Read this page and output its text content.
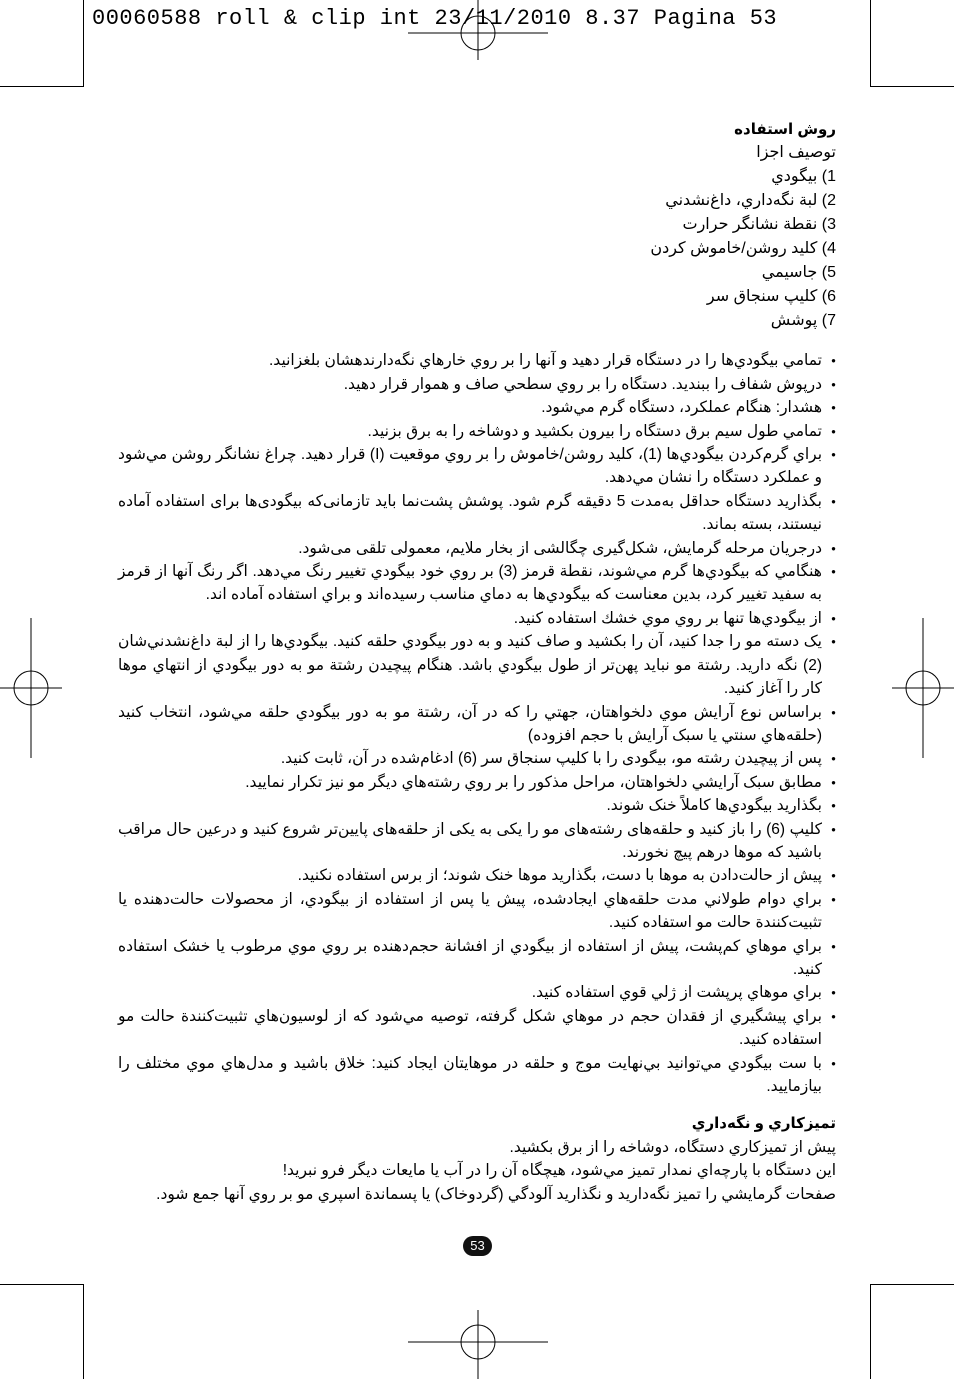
00060588 roll & clip int 23/11/2010 8.37 Pagina 53
روش استفاده
توصيف اجزا
1) بيگودي
2) لبة نگه‌داري، داغ‌نشدني
3) نقطة نشانگر حرارت
4) كليد روشن/خاموش كردن
5) جاسيمي
6) كليپ سنجاق سر
7) پوشش
● تمامي بيگودي‌ها را در دستگاه قرار دهيد و آنها را بر روي خارهاي نگه‌دارندهشان بلغزانيد.
● درپوش شفاف را ببنديد. دستگاه را بر روي سطحي صاف و هموار قرار دهيد.
● هشدار: هنگام عملكرد، دستگاه گرم مي‌شود.
● تمامي طول سيم برق دستگاه را بيرون بكشيد و دوشاخه را به برق بزنيد.
● براي گرم‌كردن بيگودي‌ها (1)، كليد روشن/خاموش را بر روي موقعيت (I) قرار دهيد. چراغ نشانگر روشن مي‌شود و عملكرد دستگاه را نشان مي‌دهد.
● بگذاريد دستگاه حداقل به‌مدت 5 دقيقه گرم شود. پوشش پشت‌نما بايد تازمانی‌كه بيگودی‌ها برای استفاده آماده نيستند، بسته بماند.
● درجريان مرحله گرمايش، شكل‌گيری چگالشی از بخار ملايم، معمولی تلقی می‌شود.
● هنگامي كه بيگودي‌ها گرم مي‌شوند، نقطة قرمز (3) بر روي خود بيگودي تغيير رنگ مي‌دهد. اگر رنگ آنها از قرمز به سفيد تغيير كرد، بدين معناست كه بيگودي‌ها به دماي مناسب رسيده‌اند و براي استفاده آماده اند.
● از بيگودي‌ها تنها بر روي موي خشك استفاده كنيد.
● يک دسته مو را جدا كنيد، آن را بكشيد و صاف كنيد و به دور بيگودي حلقه كنيد. بيگودي‌ها را از لبة داغ‌نشدني‌شان (2) نگه داريد. رشتة مو نبايد پهن‌تر از طول بيگودي باشد. هنگام پيچيدن رشتة مو به دور بيگودي از انتهاي موها كار را آغاز كنيد.
● براساس نوع آرايش موي دلخواهتان، جهتي را كه در آن، رشتة مو به دور بيگودي حلقه مي‌شود، انتخاب كنيد (حلقه‌هاي سنتي يا سبک آرايش با حجم افزوده)
● پس از پيچيدن رشته مو، بيگودی را با كليپ سنجاق سر (6) ادغام‌شده در آن، ثابت كنيد.
● مطابق سبک آرايشي دلخواهتان، مراحل مذكور را بر روي رشته‌هاي ديگر مو نيز تكرار نماييد.
● بگذاريد بيگودي‌ها كاملاً خنک شوند.
● كليپ (6) را باز كنيد و حلقه‌های رشته‌های مو را يكی به يكی از حلقه‌های پايين‌تر شروع كنيد و درعين حال مراقب باشيد كه موها درهم پيچ نخورند.
● پيش از حالت‌دادن به موها با دست، بگذاريد موها خنک شوند؛ از برس استفاده نكنيد.
● براي دوام طولاني مدت حلقه‌هاي ايجادشده، پيش يا پس از استفاده از بيگودي، از محصولات حالت‌دهنده يا تثبيت‌كنندة حالت مو استفاده كنيد.
● براي موهاي كم‌پشت، پيش از استفاده از بيگودي از افشانة حجم‌دهنده بر روي موي مرطوب يا خشک استفاده كنيد.
● براي موهاي پرپشت از ژلي قوي استفاده كنيد.
● براي پيشگيري از فقدان حجم در موهاي شكل گرفته، توصيه مي‌شود كه از لوسيون‌هاي تثبيت‌كنندة حالت مو استفاده كنيد.
● با ست بيگودي مي‌توانيد بي‌نهايت موج و حلقه در موهايتان ايجاد كنيد: خلاق باشيد و مدل‌هاي موي مختلف را بيازماييد.
تميزكاري و نگه‌داري
پيش از تميزكاري دستگاه، دوشاخه را از برق بكشيد.
اين دستگاه با پارچه‌اي نمدار تميز مي‌شود، هيچگاه آن را در آب يا مايعات ديگر فرو نبريد!
صفحات گرمايشي را تميز نگه‌داريد و نگذاريد آلودگي (گردوخاک) يا پسماندة اسپري مو بر روي آنها جمع شود.
53
